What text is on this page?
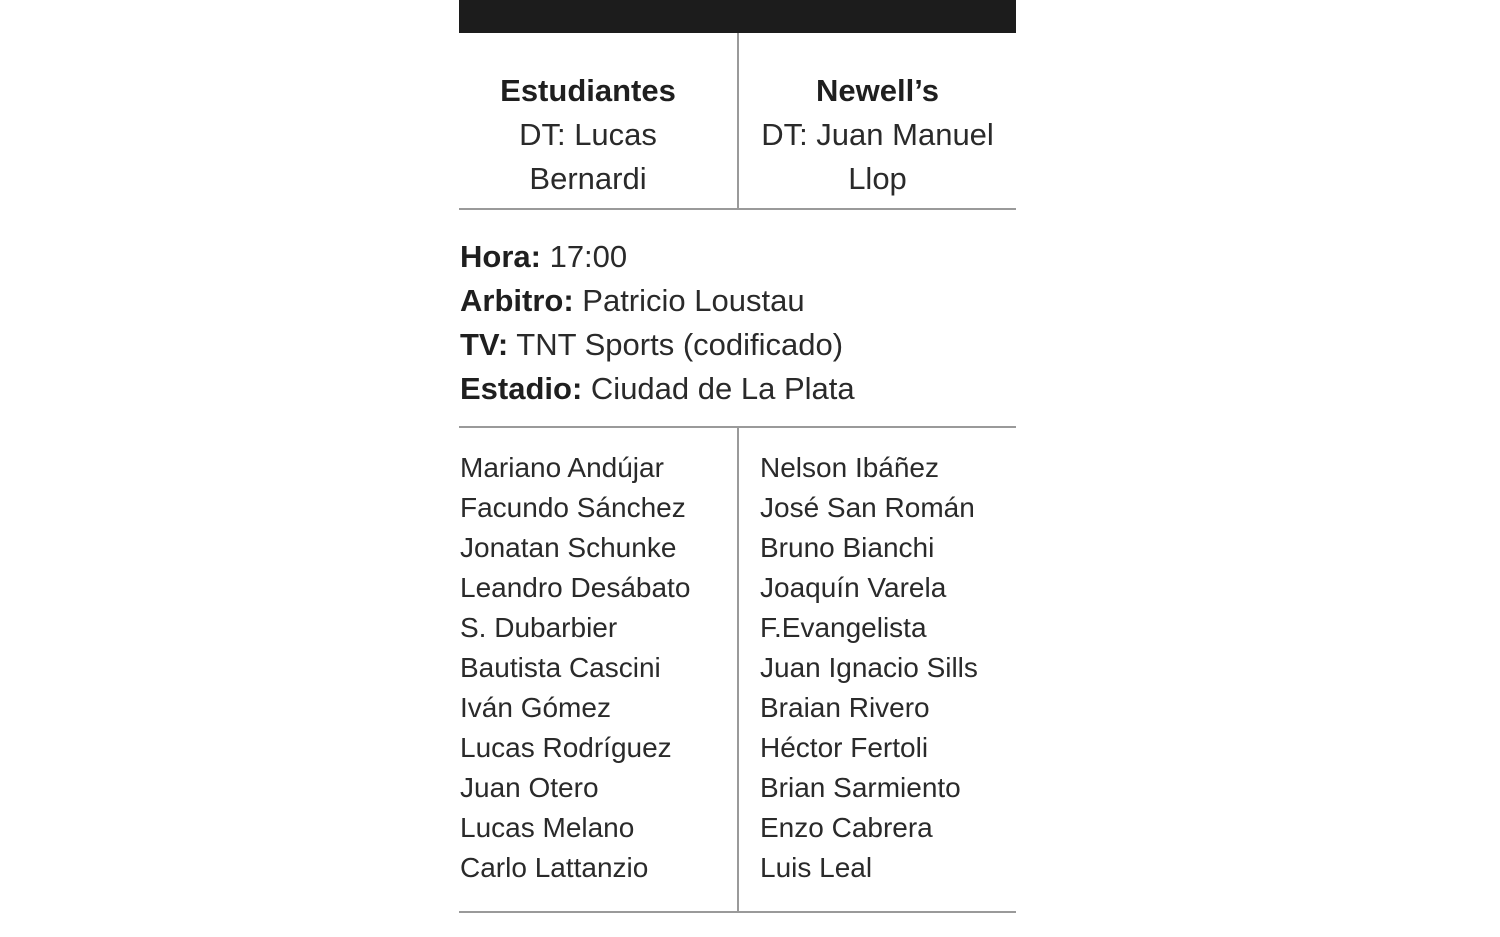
Estudiantes
DT: Lucas
Bernardi
Newell’s
DT: Juan Manuel
Llop
Hora: 17:00
Arbitro: Patricio Loustau
TV: TNT Sports (codificado)
Estadio: Ciudad de La Plata
Mariano Andújar
Facundo Sánchez
Jonatan Schunke
Leandro Desábato
S. Dubarbier
Bautista Cascini
Iván Gómez
Lucas Rodríguez
Juan Otero
Lucas Melano
Carlo Lattanzio
Nelson Ibáñez
José San Román
Bruno Bianchi
Joaquín Varela
F.Evangelista
Juan Ignacio Sills
Braian Rivero
Héctor Fertoli
Brian Sarmiento
Enzo Cabrera
Luis Leal
